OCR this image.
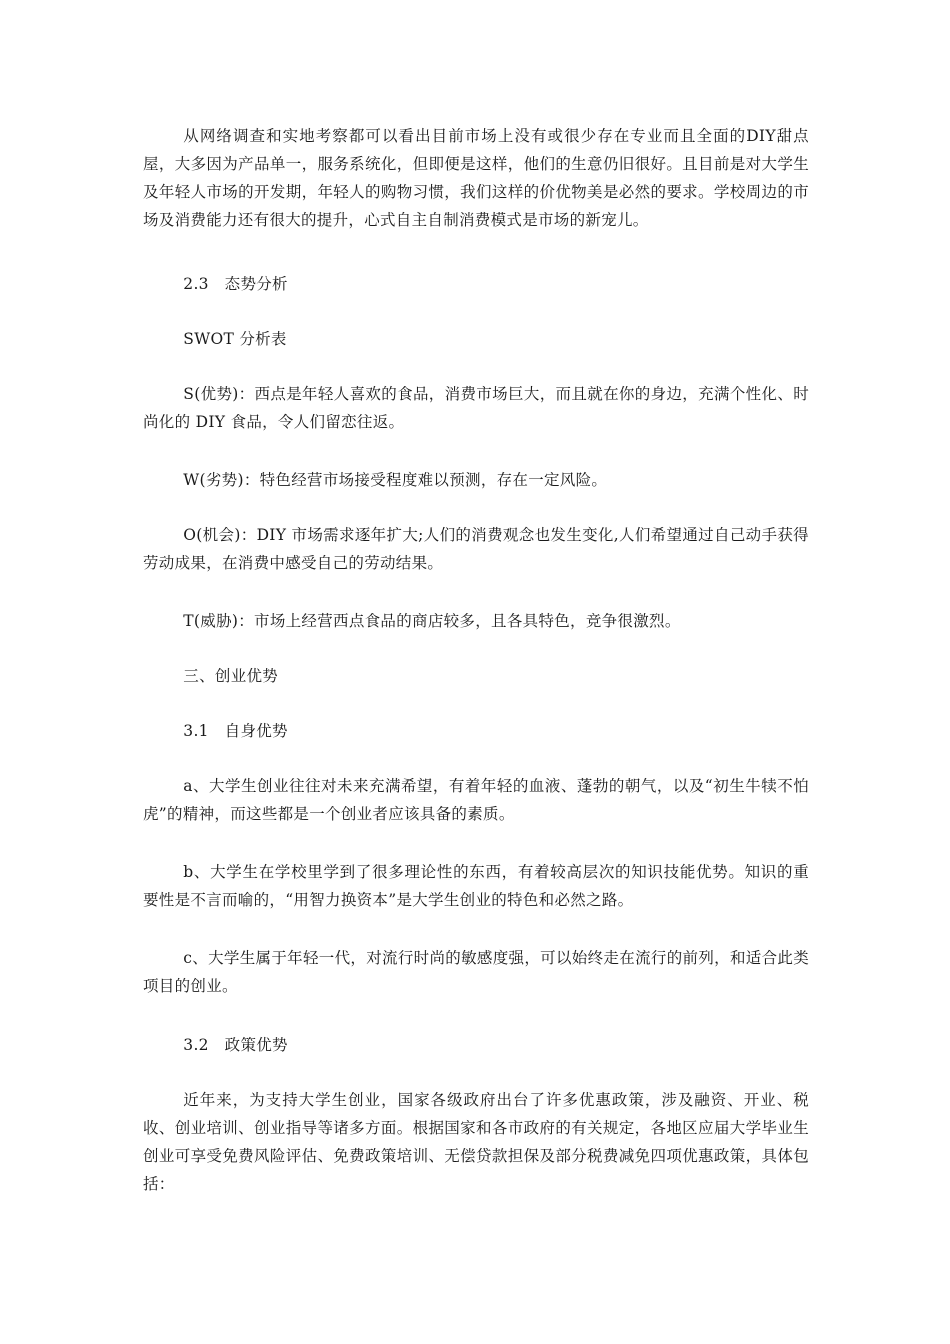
从网络调查和实地考察都可以看出目前市场上没有或很少存在专业而且全面的DIY甜点屋，大多因为产品单一，服务系统化，但即便是这样，他们的生意仍旧很好。且目前是对大学生及年轻人市场的开发期，年轻人的购物习惯，我们这样的价优物美是必然的要求。学校周边的市场及消费能力还有很大的提升，心式自主自制消费模式是市场的新宠儿。

2.3　态势分析

SWOT 分析表

S(优势)：西点是年轻人喜欢的食品，消费市场巨大，而且就在你的身边，充满个性化、时尚化的 DIY 食品，令人们留恋往返。

W(劣势)：特色经营市场接受程度难以预测，存在一定风险。

O(机会)：DIY 市场需求逐年扩大;人们的消费观念也发生变化,人们希望通过自己动手获得劳动成果，在消费中感受自己的劳动结果。

T(威胁)：市场上经营西点食品的商店较多，且各具特色，竞争很激烈。

三、创业优势

3.1　自身优势

a、大学生创业往往对未来充满希望，有着年轻的血液、蓬勃的朝气，以及“初生牛犊不怕虎”的精神，而这些都是一个创业者应该具备的素质。

b、大学生在学校里学到了很多理论性的东西，有着较高层次的知识技能优势。知识的重要性是不言而喻的，“用智力换资本”是大学生创业的特色和必然之路。

c、大学生属于年轻一代，对流行时尚的敏感度强，可以始终走在流行的前列，和适合此类项目的创业。

3.2　政策优势

近年来，为支持大学生创业，国家各级政府出台了许多优惠政策，涉及融资、开业、税收、创业培训、创业指导等诸多方面。根据国家和各市政府的有关规定，各地区应届大学毕业生创业可享受免费风险评估、免费政策培训、无偿贷款担保及部分税费减免四项优惠政策，具体包括：
